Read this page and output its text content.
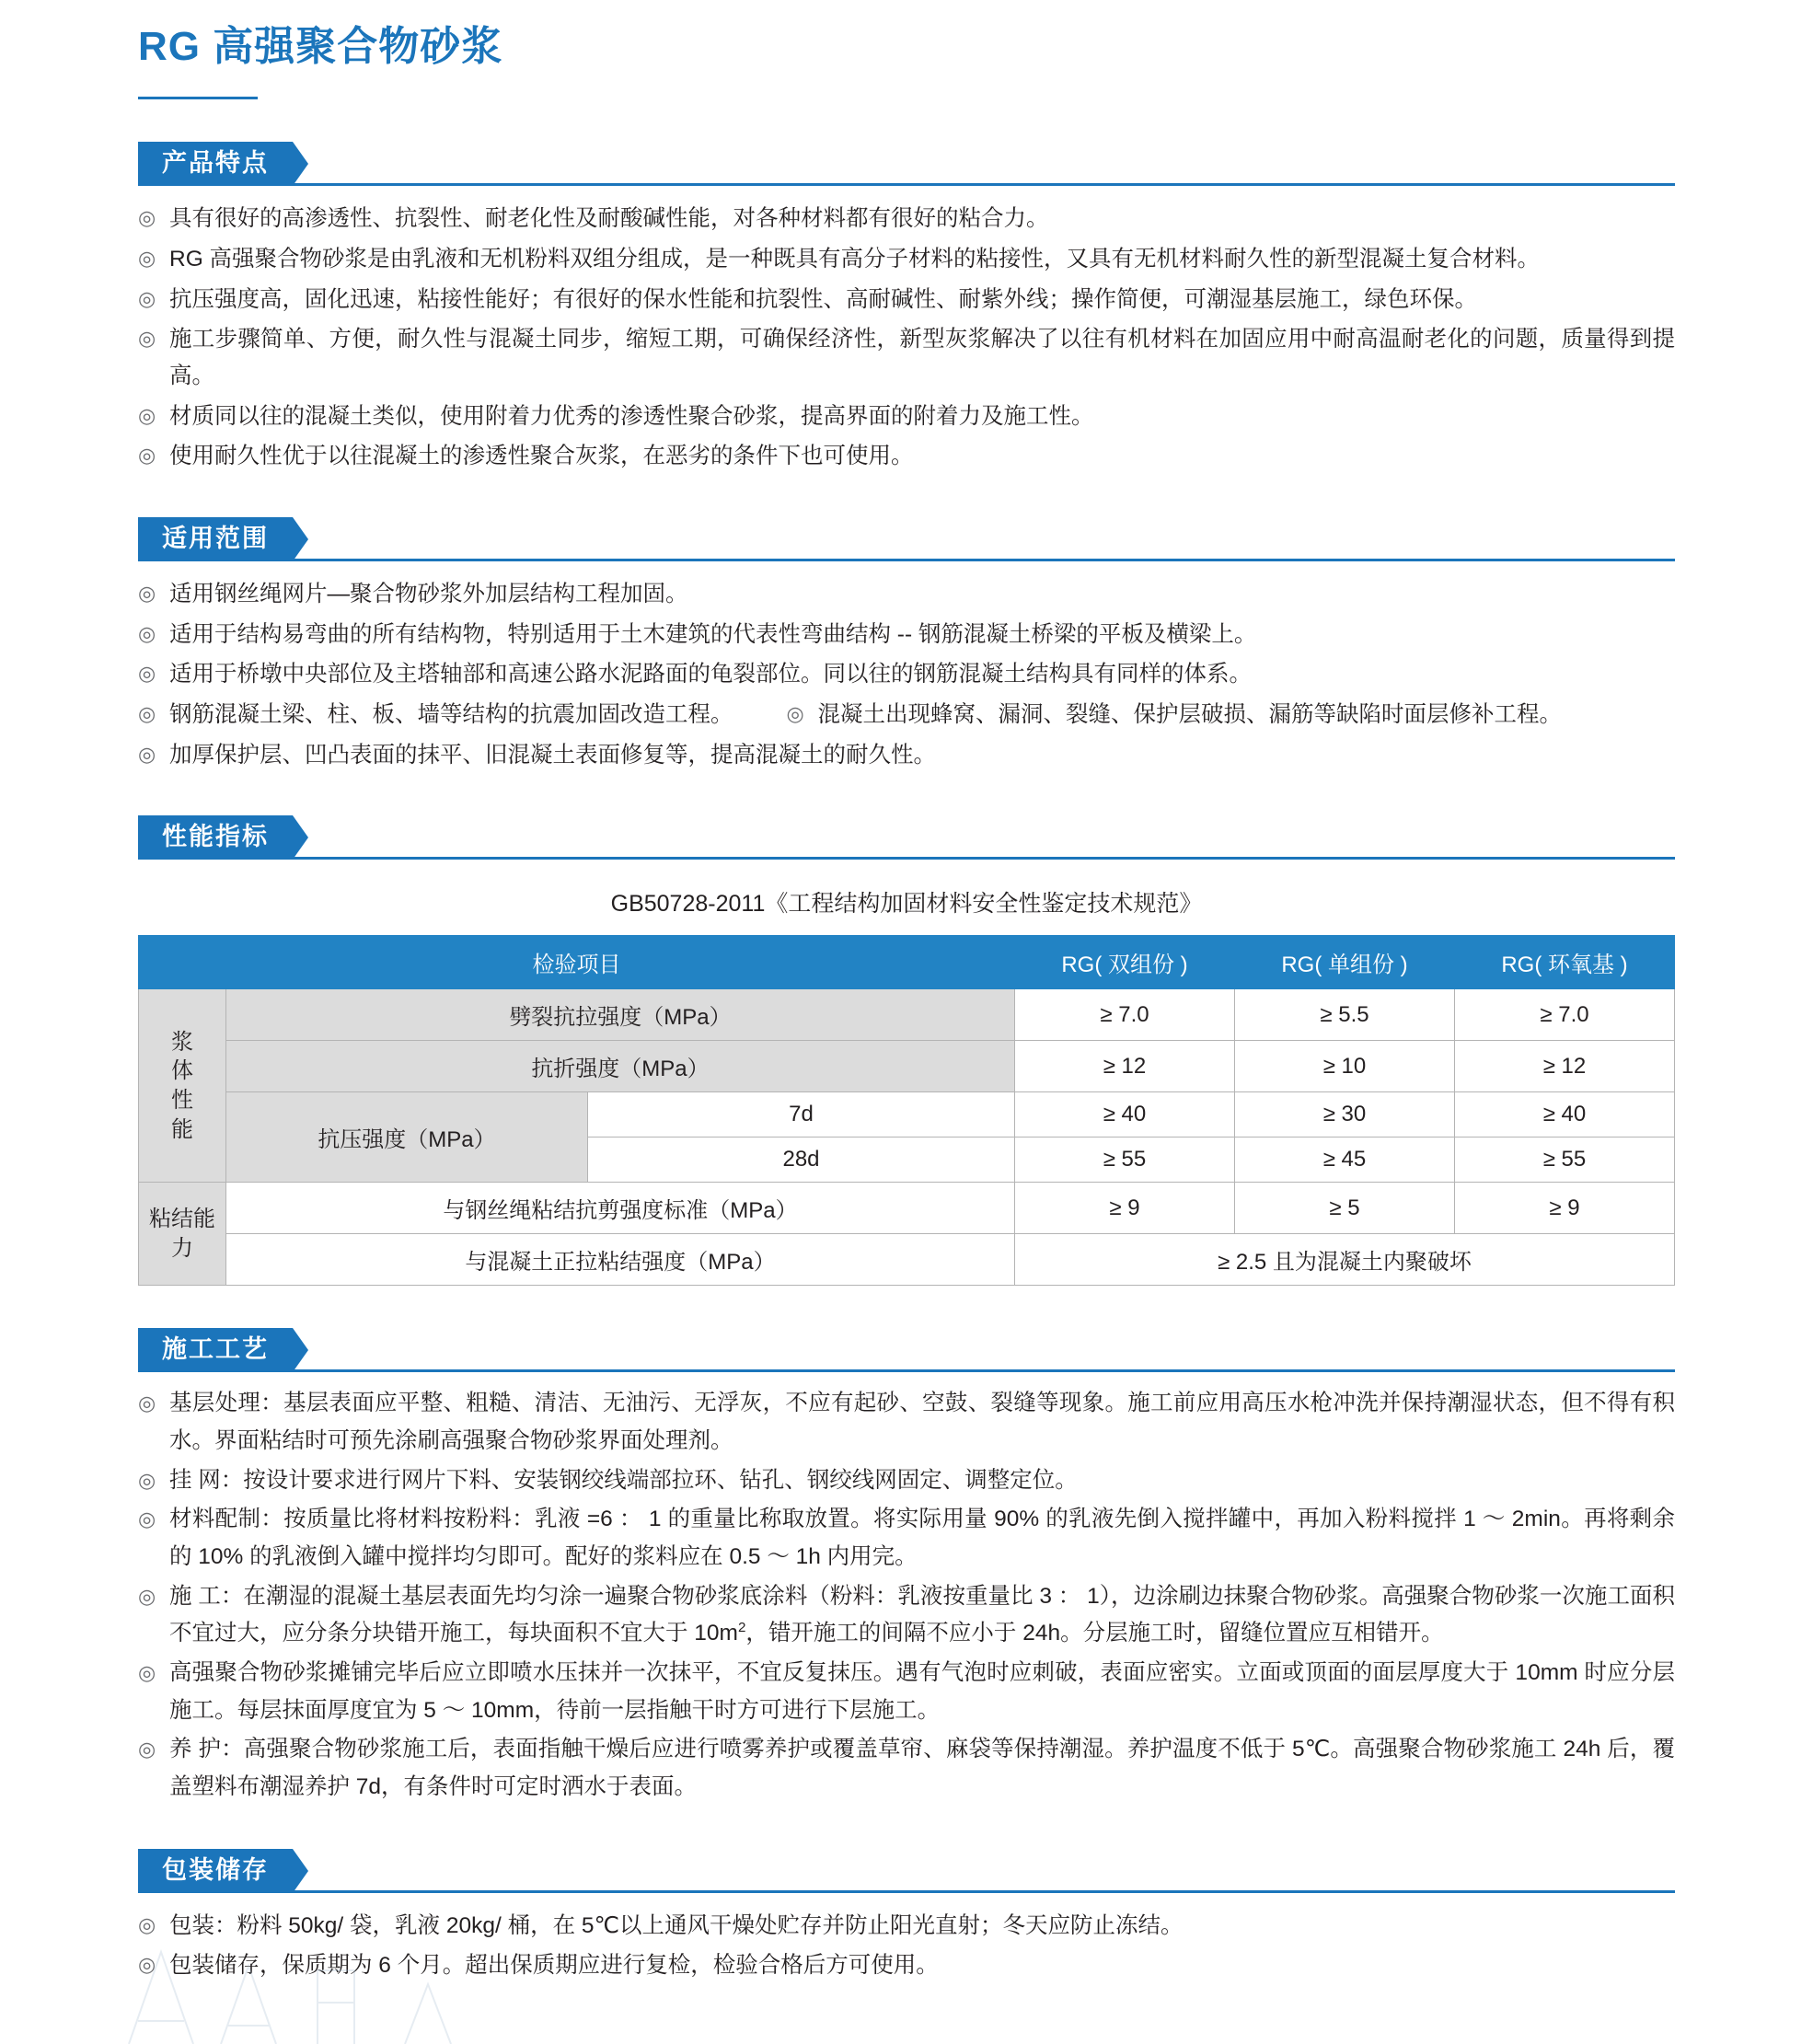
RG 高强聚合物砂浆
产品特点
◎ 具有很好的高渗透性、抗裂性、耐老化性及耐酸碱性能，对各种材料都有很好的粘合力。
◎ RG 高强聚合物砂浆是由乳液和无机粉料双组分组成，是一种既具有高分子材料的粘接性，又具有无机材料耐久性的新型混凝土复合材料。
◎ 抗压强度高，固化迅速，粘接性能好；有很好的保水性能和抗裂性、高耐碱性、耐紫外线；操作简便，可潮湿基层施工，绿色环保。
◎ 施工步骤简单、方便，耐久性与混凝土同步，缩短工期，可确保经济性，新型灰浆解决了以往有机材料在加固应用中耐高温耐老化的问题，质量得到提高。
◎ 材质同以往的混凝土类似，使用附着力优秀的渗透性聚合砂浆，提高界面的附着力及施工性。
◎ 使用耐久性优于以往混凝土的渗透性聚合灰浆，在恶劣的条件下也可使用。
适用范围
◎ 适用钢丝绳网片—聚合物砂浆外加层结构工程加固。
◎ 适用于结构易弯曲的所有结构物，特别适用于土木建筑的代表性弯曲结构 -- 钢筋混凝土桥梁的平板及横梁上。
◎ 适用于桥墩中央部位及主塔轴部和高速公路水泥路面的龟裂部位。同以往的钢筋混凝土结构具有同样的体系。
◎ 钢筋混凝土梁、柱、板、墙等结构的抗震加固改造工程。	◎ 混凝土出现蜂窝、漏洞、裂缝、保护层破损、漏筋等缺陷时面层修补工程。
◎ 加厚保护层、凹凸表面的抹平、旧混凝土表面修复等，提高混凝土的耐久性。
性能指标
GB50728-2011《工程结构加固材料安全性鉴定技术规范》
检验项目			RG( 双组份 )	RG( 单组份 )	RG( 环氧基 )

浆
体
性
能	劈裂抗拉强度（MPa）		≥ 7.0	≥ 5.5	≥ 7.0
	抗折强度（MPa）		≥ 12	≥ 10	≥ 12
	抗压强度（MPa）	7d	≥ 40	≥ 30	≥ 40
		28d	≥ 55	≥ 45	≥ 55

粘结能
力	与钢丝绳粘结抗剪强度标准（MPa）		≥ 9	≥ 5	≥ 9
	与混凝土正拉粘结强度（MPa）		≥ 2.5 且为混凝土内聚破坏		
施工工艺
◎ 基层处理：基层表面应平整、粗糙、清洁、无油污、无浮灰，不应有起砂、空鼓、裂缝等现象。施工前应用高压水枪冲洗并保持潮湿状态，但不得有积水。界面粘结时可预先涂刷高强聚合物砂浆界面处理剂。
◎ 挂 网：按设计要求进行网片下料、安装钢绞线端部拉环、钻孔、钢绞线网固定、调整定位。
◎ 材料配制：按质量比将材料按粉料：乳液 =6 ： 1 的重量比称取放置。将实际用量 90% 的乳液先倒入搅拌罐中，再加入粉料搅拌 1 ～ 2min。再将剩余的 10% 的乳液倒入罐中搅拌均匀即可。配好的浆料应在 0.5 ～ 1h 内用完。
◎ 施 工：在潮湿的混凝土基层表面先均匀涂一遍聚合物砂浆底涂料（粉料：乳液按重量比 3 ： 1），边涂刷边抹聚合物砂浆。高强聚合物砂浆一次施工面积不宜过大，应分条分块错开施工，每块面积不宜大于 $10m^2$，错开施工的间隔不应小于 24h。分层施工时，留缝位置应互相错开。
◎ 高强聚合物砂浆摊铺完毕后应立即喷水压抹并一次抹平，不宜反复抹压。遇有气泡时应刺破，表面应密实。立面或顶面的面层厚度大于 10mm 时应分层施工。每层抹面厚度宜为 5 ～ 10mm，待前一层指触干时方可进行下层施工。
◎ 养 护：高强聚合物砂浆施工后，表面指触干燥后应进行喷雾养护或覆盖草帘、麻袋等保持潮湿。养护温度不低于 5℃。高强聚合物砂浆施工 24h 后，覆盖塑料布潮湿养护 7d，有条件时可定时洒水于表面。
包装储存
◎ 包装：粉料 50kg/ 袋，乳液 20kg/ 桶，在 5℃以上通风干燥处贮存并防止阳光直射；冬天应防止冻结。
◎ 包装储存，保质期为 6 个月。超出保质期应进行复检，检验合格后方可使用。
